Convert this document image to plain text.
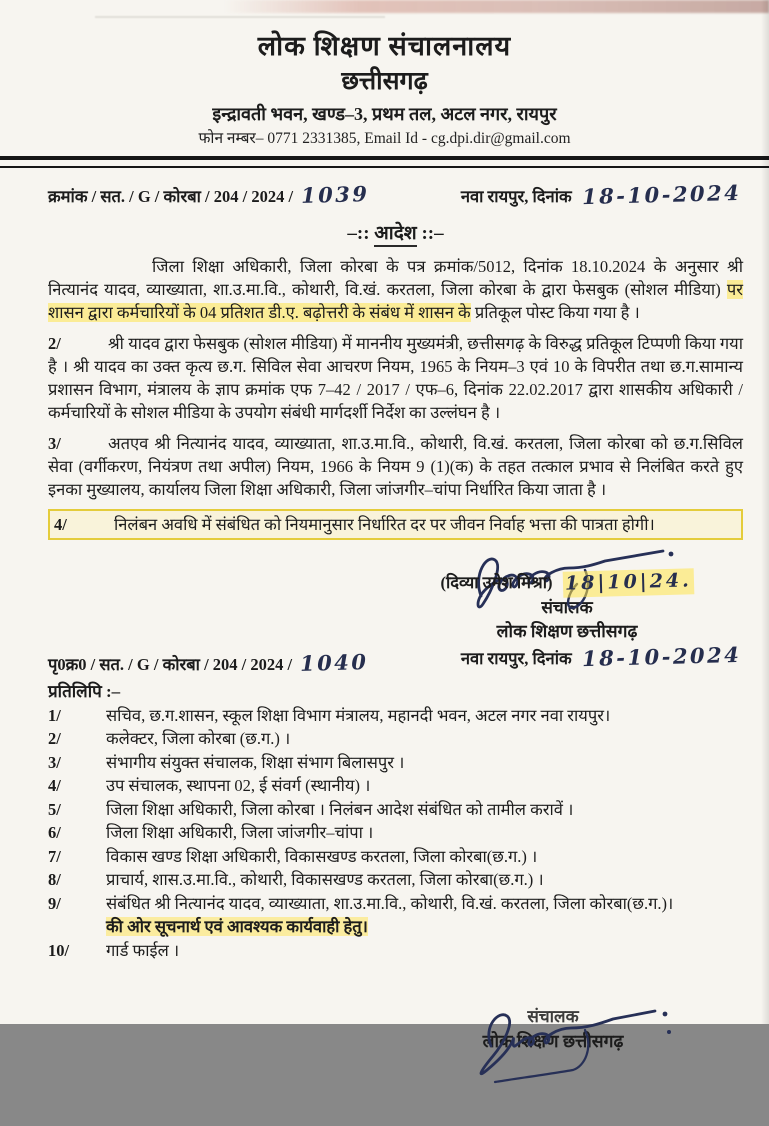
लोक शिक्षण संचालनालय
छत्तीसगढ़
इन्द्रावती भवन, खण्ड–3, प्रथम तल, अटल नगर, रायपुर
फोन नम्बर– 0771 2331385, Email Id - cg.dpi.dir@gmail.com
क्रमांक / सत. / G / कोरबा / 204 / 2024 / 1039	नवा रायपुर, दिनांक 18-10-2024
–:: आदेश ::–
जिला शिक्षा अधिकारी, जिला कोरबा के पत्र क्रमांक/5012, दिनांक 18.10.2024 के अनुसार श्री नित्यानंद यादव, व्याख्याता, शा.उ.मा.वि., कोथारी, वि.खं. करतला, जिला कोरबा के द्वारा फेसबुक (सोशल मीडिया) पर शासन द्वारा कर्मचारियों के 04 प्रतिशत डी.ए. बढ़ोत्तरी के संबंध में शासन के प्रतिकूल पोस्ट किया गया है ।
2/	श्री यादव द्वारा फेसबुक (सोशल मीडिया) में माननीय मुख्यमंत्री, छत्तीसगढ़ के विरुद्ध प्रतिकूल टिप्पणी किया गया है । श्री यादव का उक्त कृत्य छ.ग. सिविल सेवा आचरण नियम, 1965 के नियम–3 एवं 10 के विपरीत तथा छ.ग.सामान्य प्रशासन विभाग, मंत्रालय के ज्ञाप क्रमांक एफ 7–42 / 2017 / एफ–6, दिनांक 22.02.2017 द्वारा शासकीय अधिकारी / कर्मचारियों के सोशल मीडिया के उपयोग संबंधी मार्गदर्शी निर्देश का उल्लंघन है ।
3/	अतएव श्री नित्यानंद यादव, व्याख्याता, शा.उ.मा.वि., कोथारी, वि.खं. करतला, जिला कोरबा को छ.ग.सिविल सेवा (वर्गीकरण, नियंत्रण तथा अपील) नियम, 1966 के नियम 9 (1)(क) के तहत तत्काल प्रभाव से निलंबित करते हुए इनका मुख्यालय, कार्यालय जिला शिक्षा अधिकारी, जिला जांजगीर–चांपा निर्धारित किया जाता है ।
4/	निलंबन अवधि में संबंधित को नियमानुसार निर्धारित दर पर जीवन निर्वाह भत्ता की पात्रता होगी।
(दिव्या उमेश मिश्रा) 18|10|24.
संचालक
लोक शिक्षण छत्तीसगढ़
पृ0क्र0 / सत. / G / कोरबा / 204 / 2024 / 1040	नवा रायपुर, दिनांक 18-10-2024
प्रतिलिपि :–
1/	सचिव, छ.ग.शासन, स्कूल शिक्षा विभाग मंत्रालय, महानदी भवन, अटल नगर नवा रायपुर।
2/	कलेक्टर, जिला कोरबा (छ.ग.) ।
3/	संभागीय संयुक्त संचालक, शिक्षा संभाग बिलासपुर ।
4/	उप संचालक, स्थापना 02, ई संवर्ग (स्थानीय) ।
5/	जिला शिक्षा अधिकारी, जिला कोरबा । निलंबन आदेश संबंधित को तामील करावें ।
6/	जिला शिक्षा अधिकारी, जिला जांजगीर–चांपा ।
7/	विकास खण्ड शिक्षा अधिकारी, विकासखण्ड करतला, जिला कोरबा(छ.ग.) ।
8/	प्राचार्य, शास.उ.मा.वि., कोथारी, विकासखण्ड करतला, जिला कोरबा(छ.ग.) ।
9/	संबंधित श्री नित्यानंद यादव, व्याख्याता, शा.उ.मा.वि., कोथारी, वि.खं. करतला, जिला कोरबा(छ.ग.)।
की ओर सूचनार्थ एवं आवश्यक कार्यवाही हेतु।
10/	गार्ड फाईल ।
संचालक
लोक शिक्षण छत्तीसगढ़
